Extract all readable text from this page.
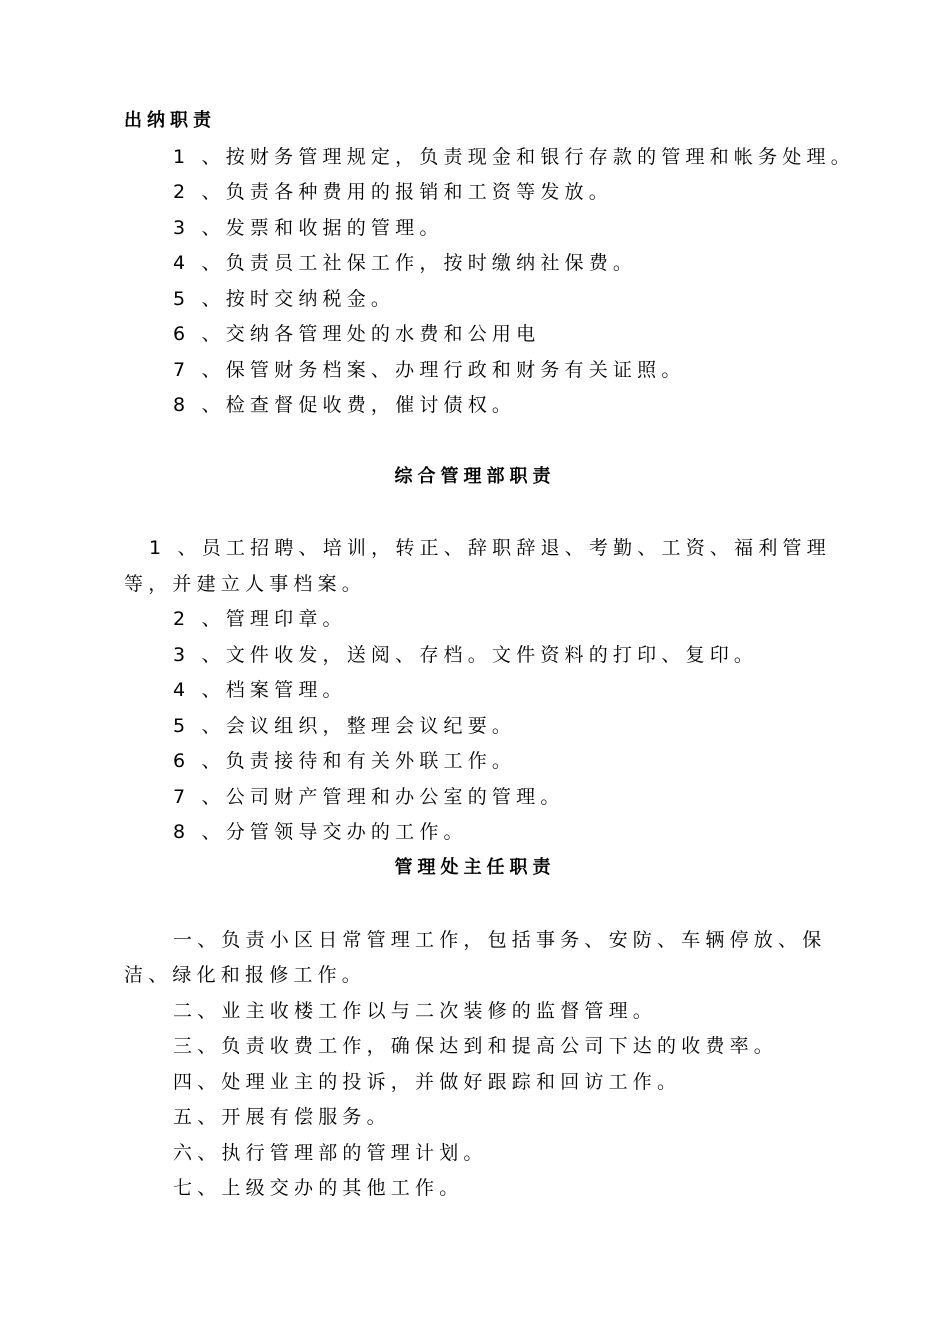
出纳职责
1 、按财务管理规定，负责现金和银行存款的管理和帐务处理。
2 、负责各种费用的报销和工资等发放。
3 、发票和收据的管理。
4 、负责员工社保工作，按时缴纳社保费。
5 、按时交纳税金。
6 、交纳各管理处的水费和公用电
7 、保管财务档案、办理行政和财务有关证照。
8 、检查督促收费，催讨债权。
综合管理部职责
1 、员工招聘、培训，转正、辞职辞退、考勤、工资、福利管理
等，并建立人事档案。
2 、管理印章。
3 、文件收发，送阅、存档。文件资料的打印、复印。
4 、档案管理。
5 、会议组织，整理会议纪要。
6 、负责接待和有关外联工作。
7 、公司财产管理和办公室的管理。
8 、分管领导交办的工作。
管理处主任职责
一、负责小区日常管理工作，包括事务、安防、车辆停放、保
洁、绿化和报修工作。
二、业主收楼工作以与二次装修的监督管理。
三、负责收费工作，确保达到和提高公司下达的收费率。
四、处理业主的投诉，并做好跟踪和回访工作。
五、开展有偿服务。
六、执行管理部的管理计划。
七、上级交办的其他工作。
